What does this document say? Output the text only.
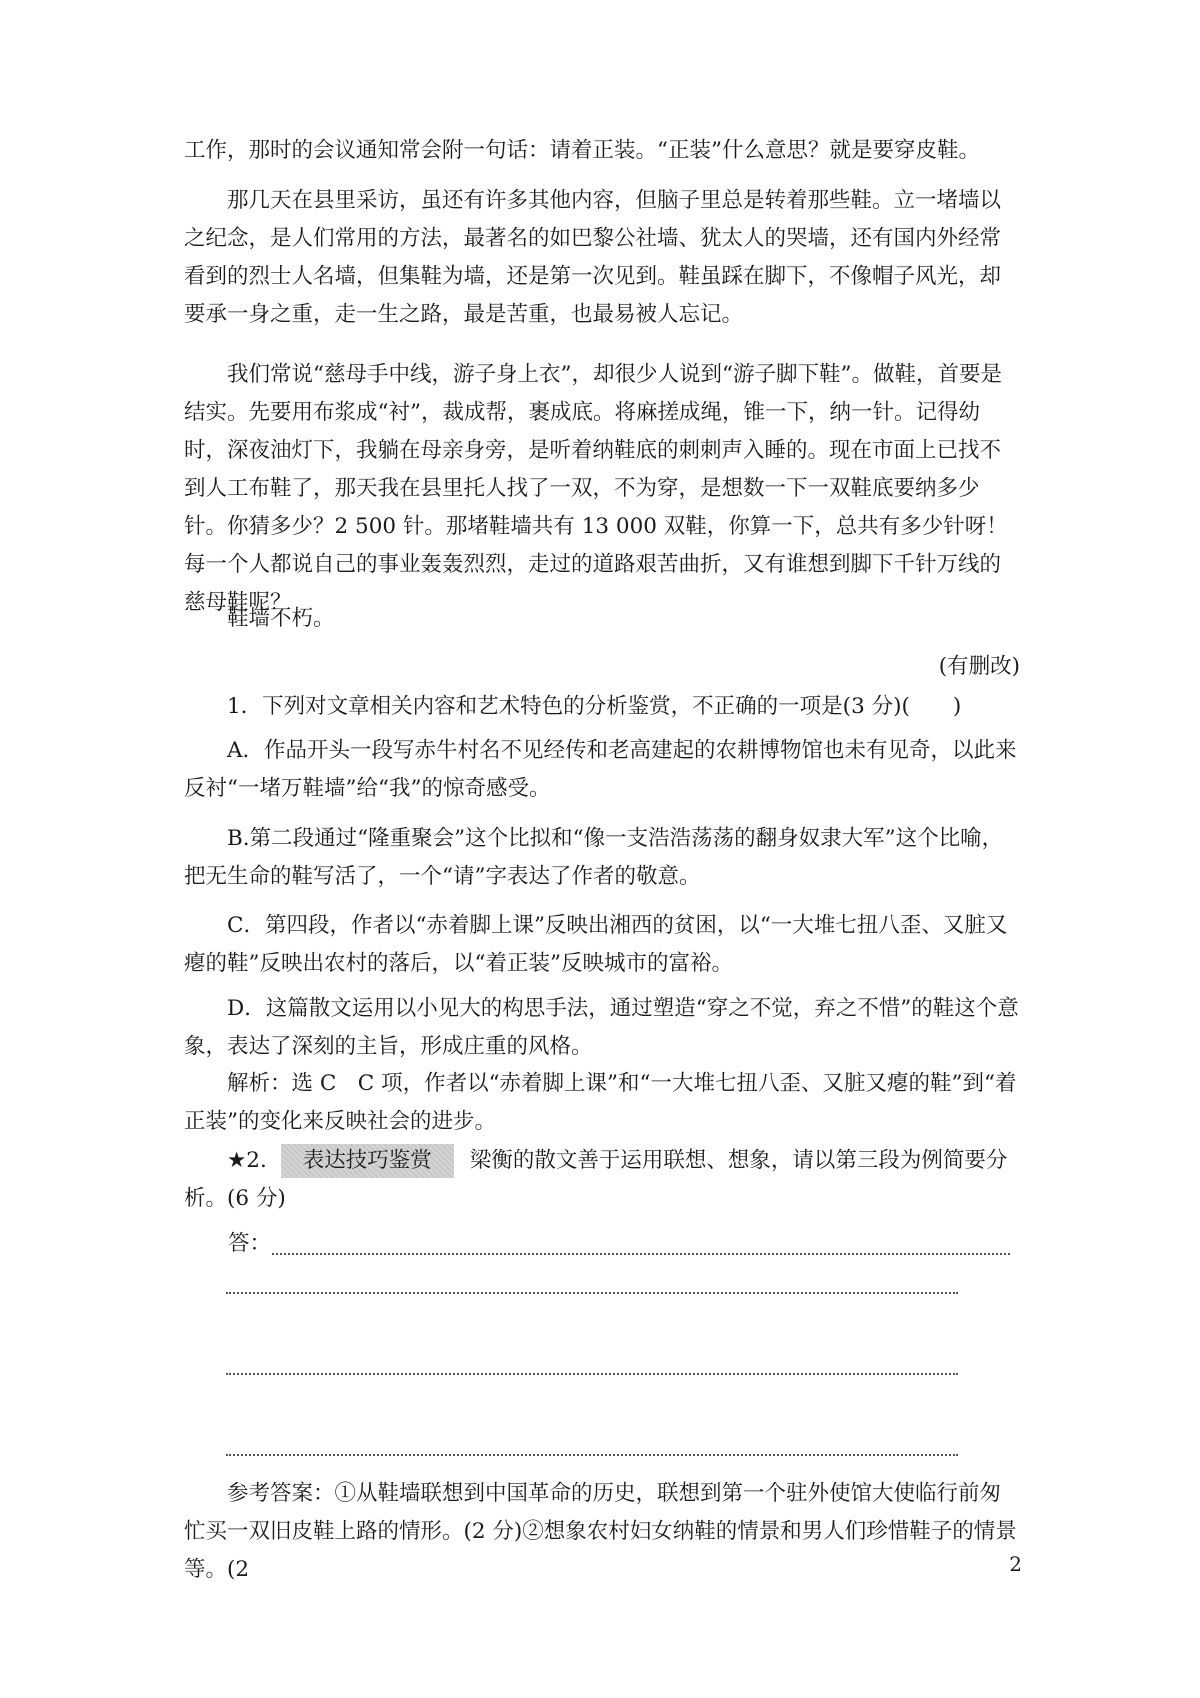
工作，那时的会议通知常会附一句话：请着正装。“正装”什么意思？就是要穿皮鞋。

那几天在县里采访，虽还有许多其他内容，但脑子里总是转着那些鞋。立一堵墙以之纪念，是人们常用的方法，最著名的如巴黎公社墙、犹太人的哭墙，还有国内外经常看到的烈士人名墙，但集鞋为墙，还是第一次见到。鞋虽踩在脚下，不像帽子风光，却要承一身之重，走一生之路，最是苦重，也最易被人忘记。

我们常说“慈母手中线，游子身上衣”，却很少人说到“游子脚下鞋”。做鞋，首要是结实。先要用布浆成“衬”，裁成帮，裹成底。将麻搓成绳，锥一下，纳一针。记得幼时，深夜油灯下，我躺在母亲身旁，是听着纳鞋底的刺刺声入睡的。现在市面上已找不到人工布鞋了，那天我在县里托人找了一双，不为穿，是想数一下一双鞋底要纳多少针。你猜多少？2 500 针。那堵鞋墙共有 13 000 双鞋，你算一下，总共有多少针呀！每一个人都说自己的事业轰轰烈烈，走过的道路艰苦曲折，又有谁想到脚下千针万线的慈母鞋呢？

鞋墙不朽。

(有删改)

1．下列对文章相关内容和艺术特色的分析鉴赏，不正确的一项是(3 分)(　　)

A．作品开头一段写赤牛村名不见经传和老高建起的农耕博物馆也未有见奇，以此来反衬“一堵万鞋墙”给“我”的惊奇感受。

B.第二段通过“隆重聚会”这个比拟和“像一支浩浩荡荡的翻身奴隶大军”这个比喻，把无生命的鞋写活了，一个“请”字表达了作者的敬意。

C．第四段，作者以“赤着脚上课”反映出湘西的贫困，以“一大堆七扭八歪、又脏又瘪的鞋”反映出农村的落后，以“着正装”反映城市的富裕。

D．这篇散文运用以小见大的构思手法，通过塑造“穿之不觉，弃之不惜”的鞋这个意象，表达了深刻的主旨，形成庄重的风格。

解析：选 C　C 项，作者以“赤着脚上课”和“一大堆七扭八歪、又脏又瘪的鞋”到“着正装”的变化来反映社会的进步。

★2. 表达技巧鉴赏 梁衡的散文善于运用联想、想象，请以第三段为例简要分析。(6 分)

答：

参考答案：①从鞋墙联想到中国革命的历史，联想到第一个驻外使馆大使临行前匆忙买一双旧皮鞋上路的情形。(2 分)②想象农村妇女纳鞋的情景和男人们珍惜鞋子的情景等。(2	2
